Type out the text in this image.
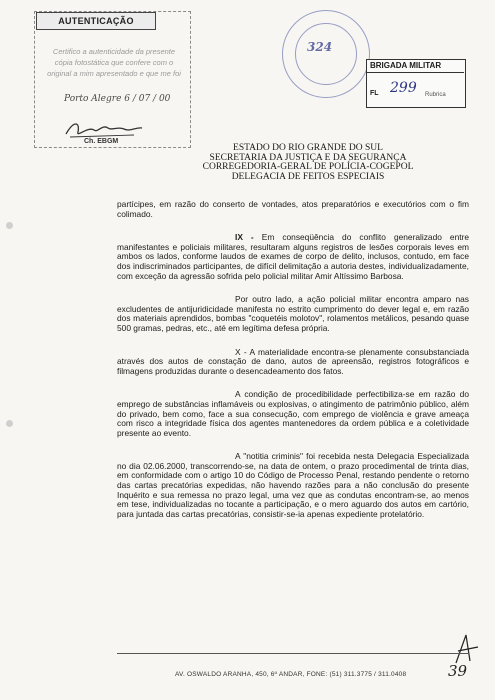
AUTENTICAÇÃO
Certifico a autenticidade da presente
cópia fotostática que confere com o
original a mim apresentado e que me foi
Porto Alegre 6 / 07 / 00
Ch. EBGM
324
BRIGADA MILITAR
FL 299 Rubrica
ESTADO DO RIO GRANDE DO SUL
SECRETARIA DA JUSTIÇA E DA SEGURANÇA
CORREGEDORIA-GERAL DE POLÍCIA-COGEPOL
DELEGACIA DE FEITOS ESPECIAIS

partícipes, em razão do conserto de vontades, atos preparatórios e executórios com o fim colimado.

IX - Em conseqüência do conflito generalizado entre manifestantes e policiais militares, resultaram alguns registros de lesões corporais leves em ambos os lados, conforme laudos de exames de corpo de delito, inclusos, contudo, em face dos indiscriminados participantes, de difícil delimitação a autoria destes, individualizadamente, com exceção da agressão sofrida pelo policial militar Amir Altíssimo Barbosa.

Por outro lado, a ação policial militar encontra amparo nas excludentes de antijuridicidade manifesta no estrito cumprimento do dever legal e, em razão dos materiais aprendidos, bombas "coquetéis molotov", rolamentos metálicos, pesando quase 500 gramas, pedras, etc., até em legítima defesa própria.

X - A materialidade encontra-se plenamente consubstanciada através dos autos de constação de dano, autos de apreensão, registros fotográficos e filmagens produzidas durante o desencadeamento dos fatos.

A condição de procedibilidade perfectibiliza-se em razão do emprego de substâncias inflamáveis ou explosivas, o atingimento de patrimônio público, além do privado, bem como, face a sua consecução, com emprego de violência e grave ameaça com risco a integridade física dos agentes mantenedores da ordem pública e a coletividade presente ao evento.

A "notitia criminis" foi recebida nesta Delegacia Especializada no dia 02.06.2000, transcorrendo-se, na data de ontem, o prazo procedimental de trinta dias, em conformidade com o artigo 10 do Código de Processo Penal, restando pendente o retorno das cartas precatórias expedidas, não havendo razões para a não conclusão do presente Inquérito e sua remessa no prazo legal, uma vez que as condutas encontram-se, ao menos em tese, individualizadas no tocante a participação, e o mero aguardo dos autos em cartório, para juntada das cartas precatórias, consistir-se-ia apenas expediente protelatório.

AV. OSWALDO ARANHA, 450, 6º ANDAR, FONE: (51) 311.3775 / 311.0408	39
